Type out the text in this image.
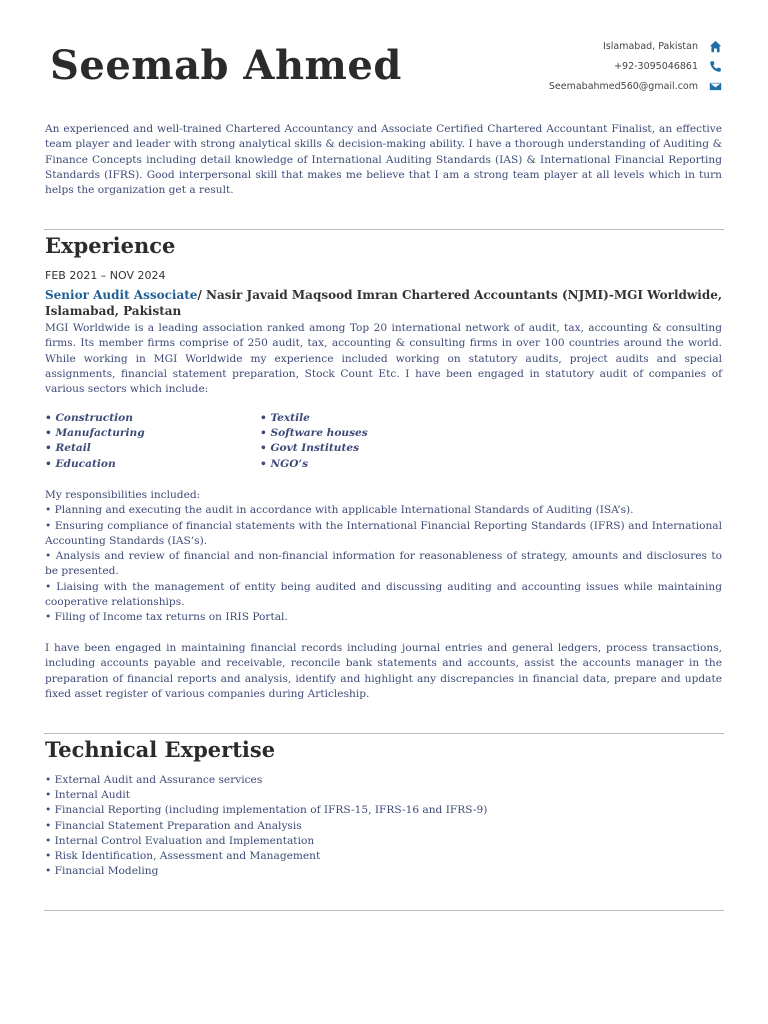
Seemab Ahmed	Islamabad, Pakistan
+92-3095046861
Seemabahmed560@gmail.com

An experienced and well-trained Chartered Accountancy and Associate Certified Chartered Accountant Finalist, an effective team player and leader with strong analytical skills & decision-making ability. I have a thorough understanding of Auditing & Finance Concepts including detail knowledge of International Auditing Standards (IAS) & International Financial Reporting Standards (IFRS). Good interpersonal skill that makes me believe that I am a strong team player at all levels which in turn helps the organization get a result.

Experience
FEB 2021 – NOV 2024

Senior Audit Associate/ Nasir Javaid Maqsood Imran Chartered Accountants (NJMI)-MGI Worldwide, Islamabad, Pakistan

MGI Worldwide is a leading association ranked among Top 20 international network of audit, tax, accounting & consulting firms. Its member firms comprise of 250 audit, tax, accounting & consulting firms in over 100 countries around the world. While working in MGI Worldwide my experience included working on statutory audits, project audits and special assignments, financial statement preparation, Stock Count Etc. I have been engaged in statutory audit of companies of various sectors which include:

• Construction	• Textile
• Manufacturing	• Software houses
• Retail	• Govt Institutes
• Education	• NGO’s
My responsibilities included:
• Planning and executing the audit in accordance with applicable International Standards of Auditing (ISA’s).
• Ensuring compliance of financial statements with the International Financial Reporting Standards (IFRS) and International Accounting Standards (IAS’s).
• Analysis and review of financial and non-financial information for reasonableness of strategy, amounts and disclosures to be presented.
• Liaising with the management of entity being audited and discussing auditing and accounting issues while maintaining cooperative relationships.
• Filing of Income tax returns on IRIS Portal.

I have been engaged in maintaining financial records including journal entries and general ledgers, process transactions, including accounts payable and receivable, reconcile bank statements and accounts, assist the accounts manager in the preparation of financial reports and analysis, identify and highlight any discrepancies in financial data, prepare and update fixed asset register of various companies during Articleship.

Technical Expertise
• External Audit and Assurance services
• Internal Audit
• Financial Reporting (including implementation of IFRS-15, IFRS-16 and IFRS-9)
• Financial Statement Preparation and Analysis
• Internal Control Evaluation and Implementation
• Risk Identification, Assessment and Management
• Financial Modeling
